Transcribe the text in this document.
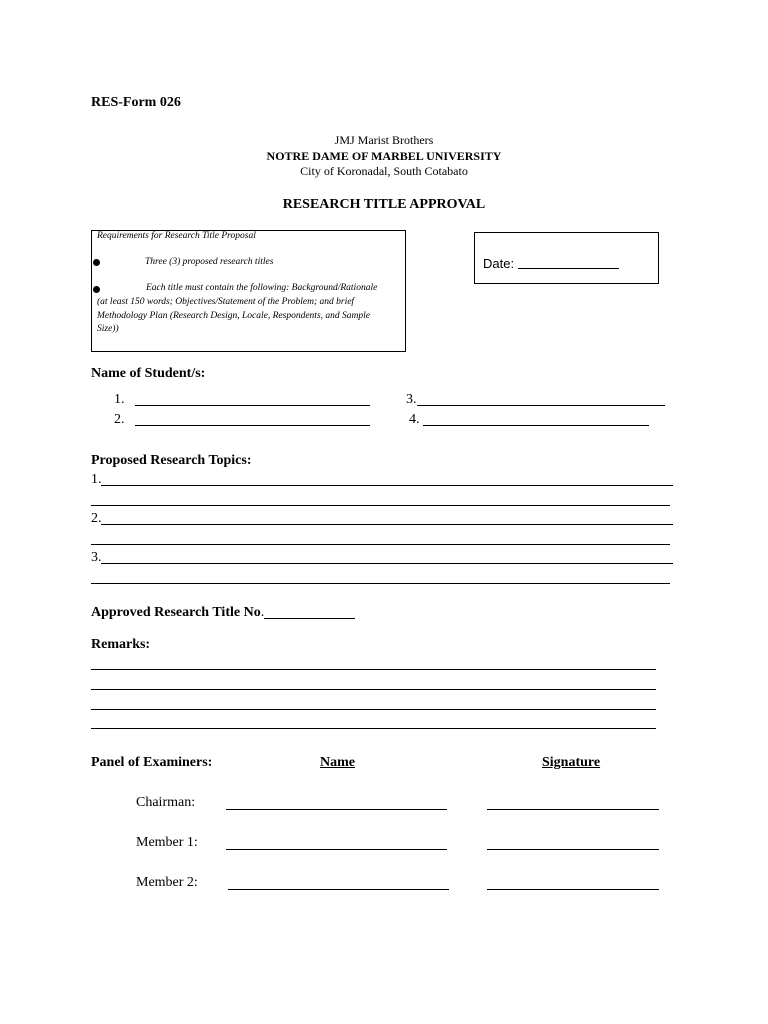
RES-Form 026
JMJ Marist Brothers
NOTRE DAME OF MARBEL UNIVERSITY
City of Koronadal, South Cotabato
RESEARCH TITLE APPROVAL
Requirements for Research Title Proposal
Three (3) proposed research titles
Each title must contain the following: Background/Rationale
(at least 150 words; Objectives/Statement of the Problem; and brief
Methodology Plan (Research Design, Locale, Respondents, and Sample
Size))
Date:
Name of Student/s:
1.
2.
3.
4.
Proposed Research Topics:
1.
2.
3.
Approved Research Title No.
Remarks:
Panel of Examiners:	Name	Signature
Chairman:
Member 1:
Member 2:
